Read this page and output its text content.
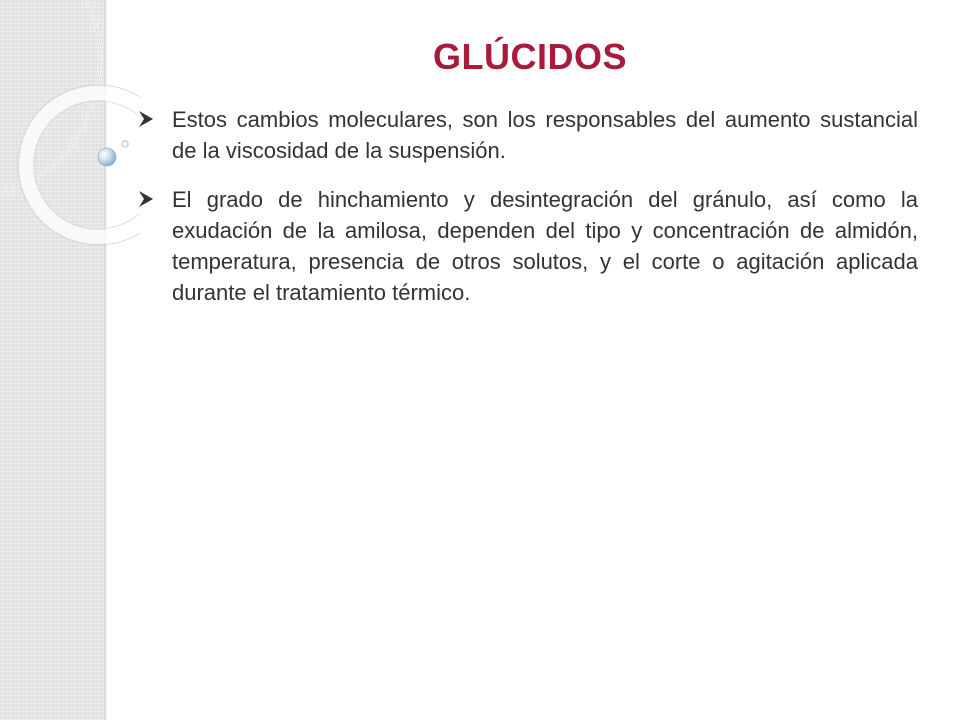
GLÚCIDOS
Estos cambios moleculares, son los responsables del aumento sustancial de la viscosidad de la suspensión.
El grado de hinchamiento y desintegración del gránulo, así como la exudación de la amilosa, dependen del tipo y concentración de almidón, temperatura, presencia de otros solutos, y el corte o agitación aplicada durante el tratamiento térmico.
